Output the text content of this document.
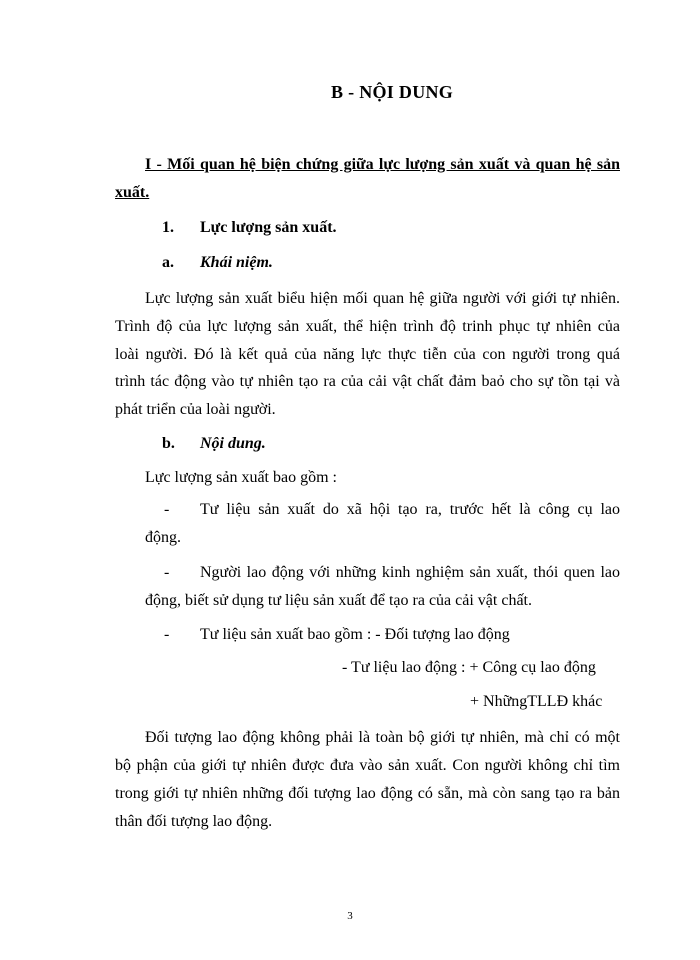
B - NỘI DUNG
I - Mối quan hệ biện chứng giữa lực lượng sản xuất và quan hệ sản
xuất.
1. Lực lượng sản xuất.
a. Khái niệm.
Lực lượng sản xuất biểu hiện mối quan hệ giữa người với giới tự nhiên.
Trình độ của lực lượng sản xuất, thể hiện trình độ trinh phục tự nhiên của
loài người. Đó là kết quả của năng lực thực tiễn của con người trong quá
trình tác động vào tự nhiên tạo ra của cải vật chất đảm baỏ cho sự tồn tại và
phát triển của loài người.
b. Nội dung.
Lực lượng sản xuất bao gồm :
- Tư liệu sản xuất do xã hội tạo ra, trước hết là công cụ lao
động.
- Người lao động với những kinh nghiệm sản xuất, thói quen lao
động, biết sử dụng tư liệu sản xuất để tạo ra của cải vật chất.
- Tư liệu sản xuất bao gồm : - Đối tượng lao động
- Tư liệu lao động : + Công cụ lao động
+ NhữngTLLĐ khác
Đối tượng lao động không phải là toàn bộ giới tự nhiên, mà chỉ có một
bộ phận của giới tự nhiên được đưa vào sản xuất. Con người không chỉ tìm
trong giới tự nhiên những đối tượng lao động có sẵn, mà còn sang tạo ra bản
thân đối tượng lao động.
3
